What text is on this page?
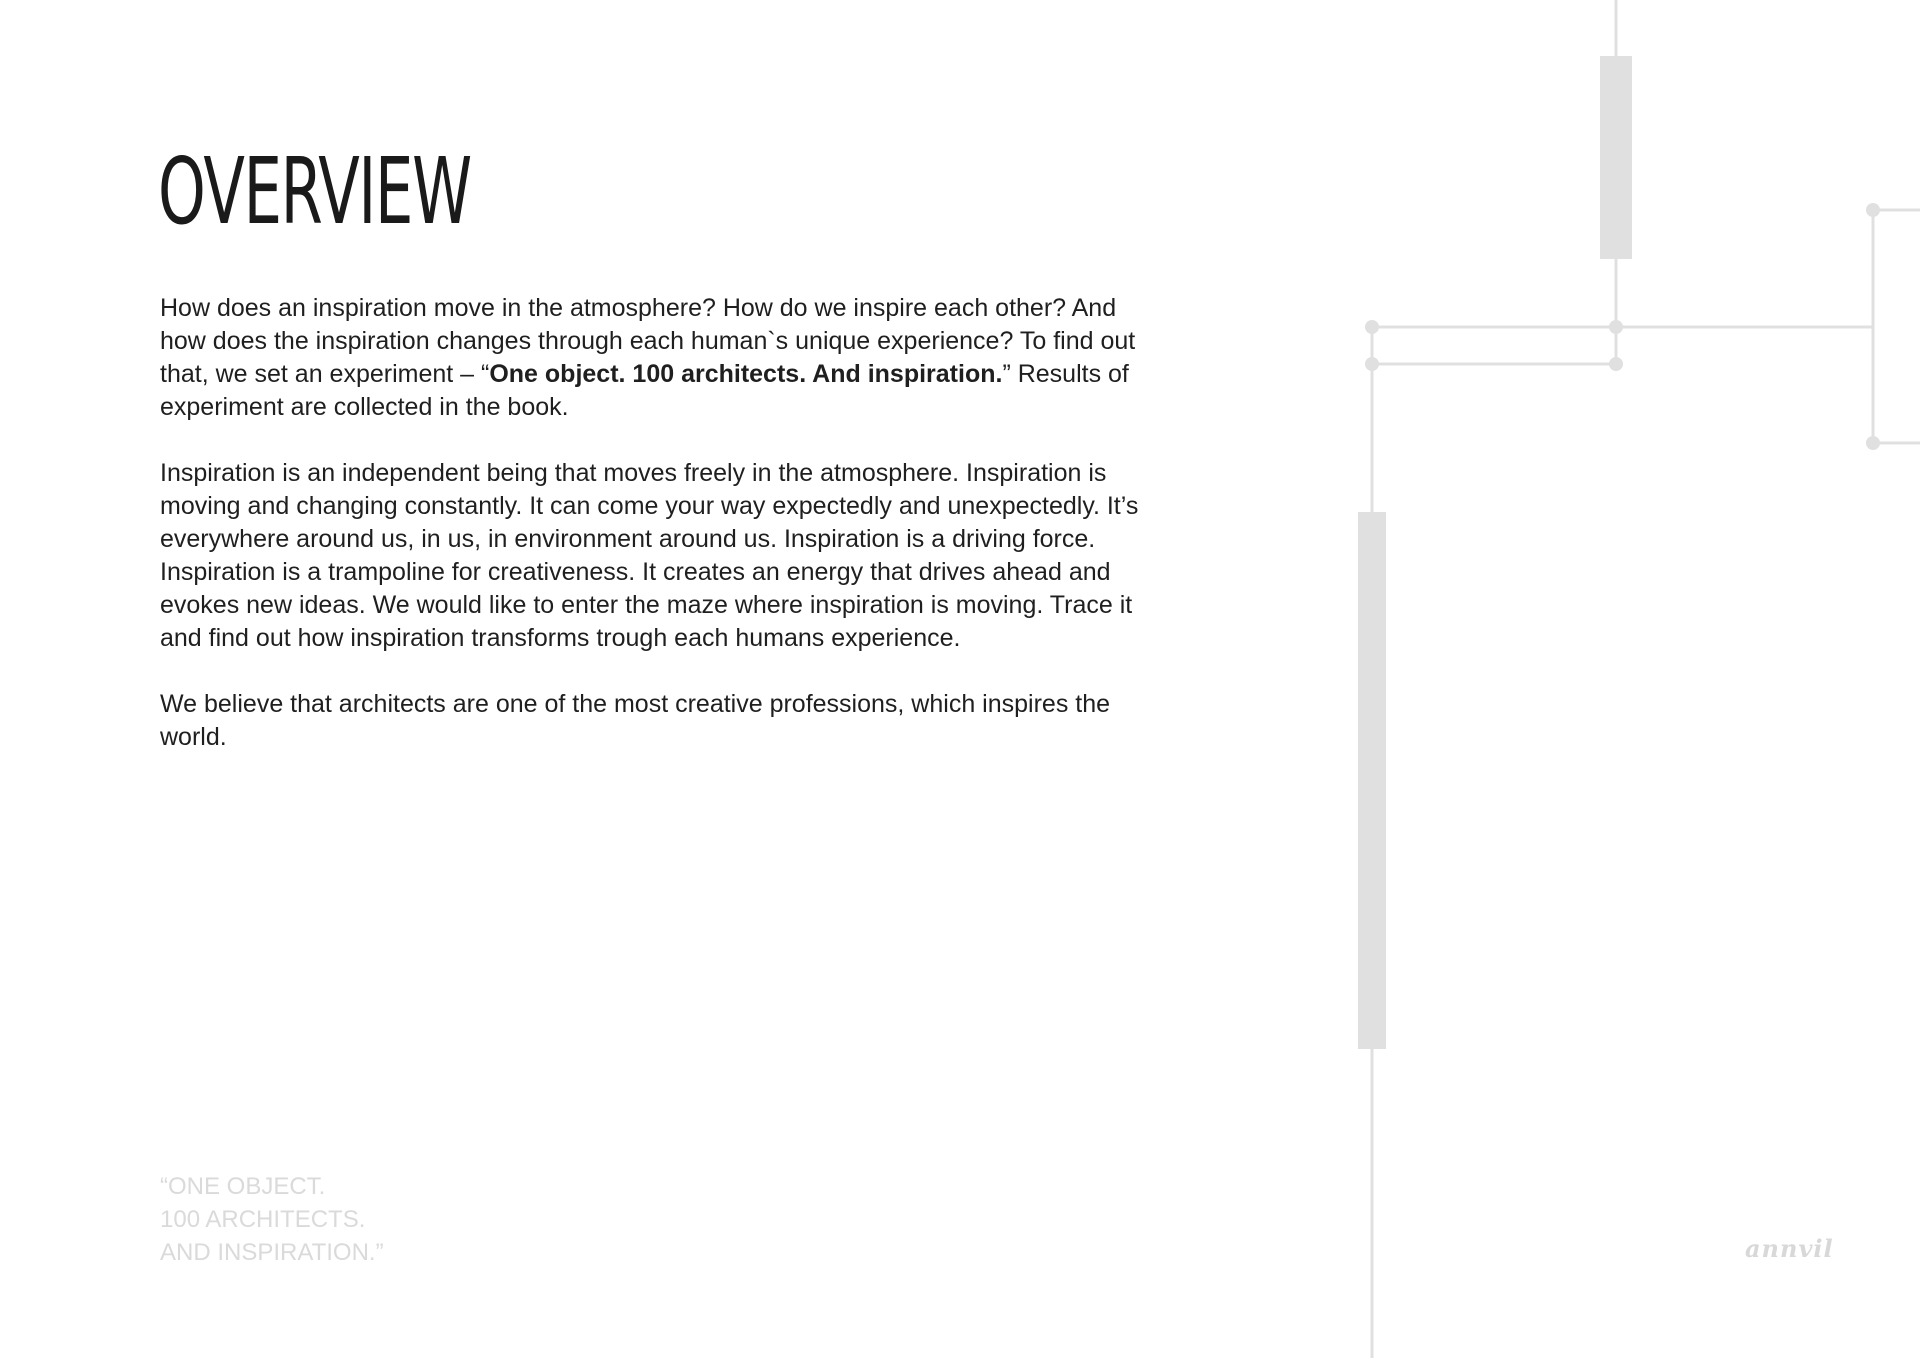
OVERVIEW

How does an inspiration move in the atmosphere? How do we inspire each other? And how does the inspiration changes through each human`s unique experience? To find out that, we set an experiment – “One object. 100 architects. And inspiration.” Results of experiment are collected in the book.

Inspiration is an independent being that moves freely in the atmosphere. Inspiration is moving and changing constantly. It can come your way expectedly and unexpectedly. It’s everywhere around us, in us, in environment around us. Inspiration is a driving force. Inspiration is a trampoline for creativeness. It creates an energy that drives ahead and evokes new ideas. We would like to enter the maze where inspiration is moving. Trace it and find out how inspiration transforms trough each humans experience.

We believe that architects are one of the most creative professions, which inspires the world.

“ONE OBJECT.
100 ARCHITECTS.
AND INSPIRATION.”	annvil
